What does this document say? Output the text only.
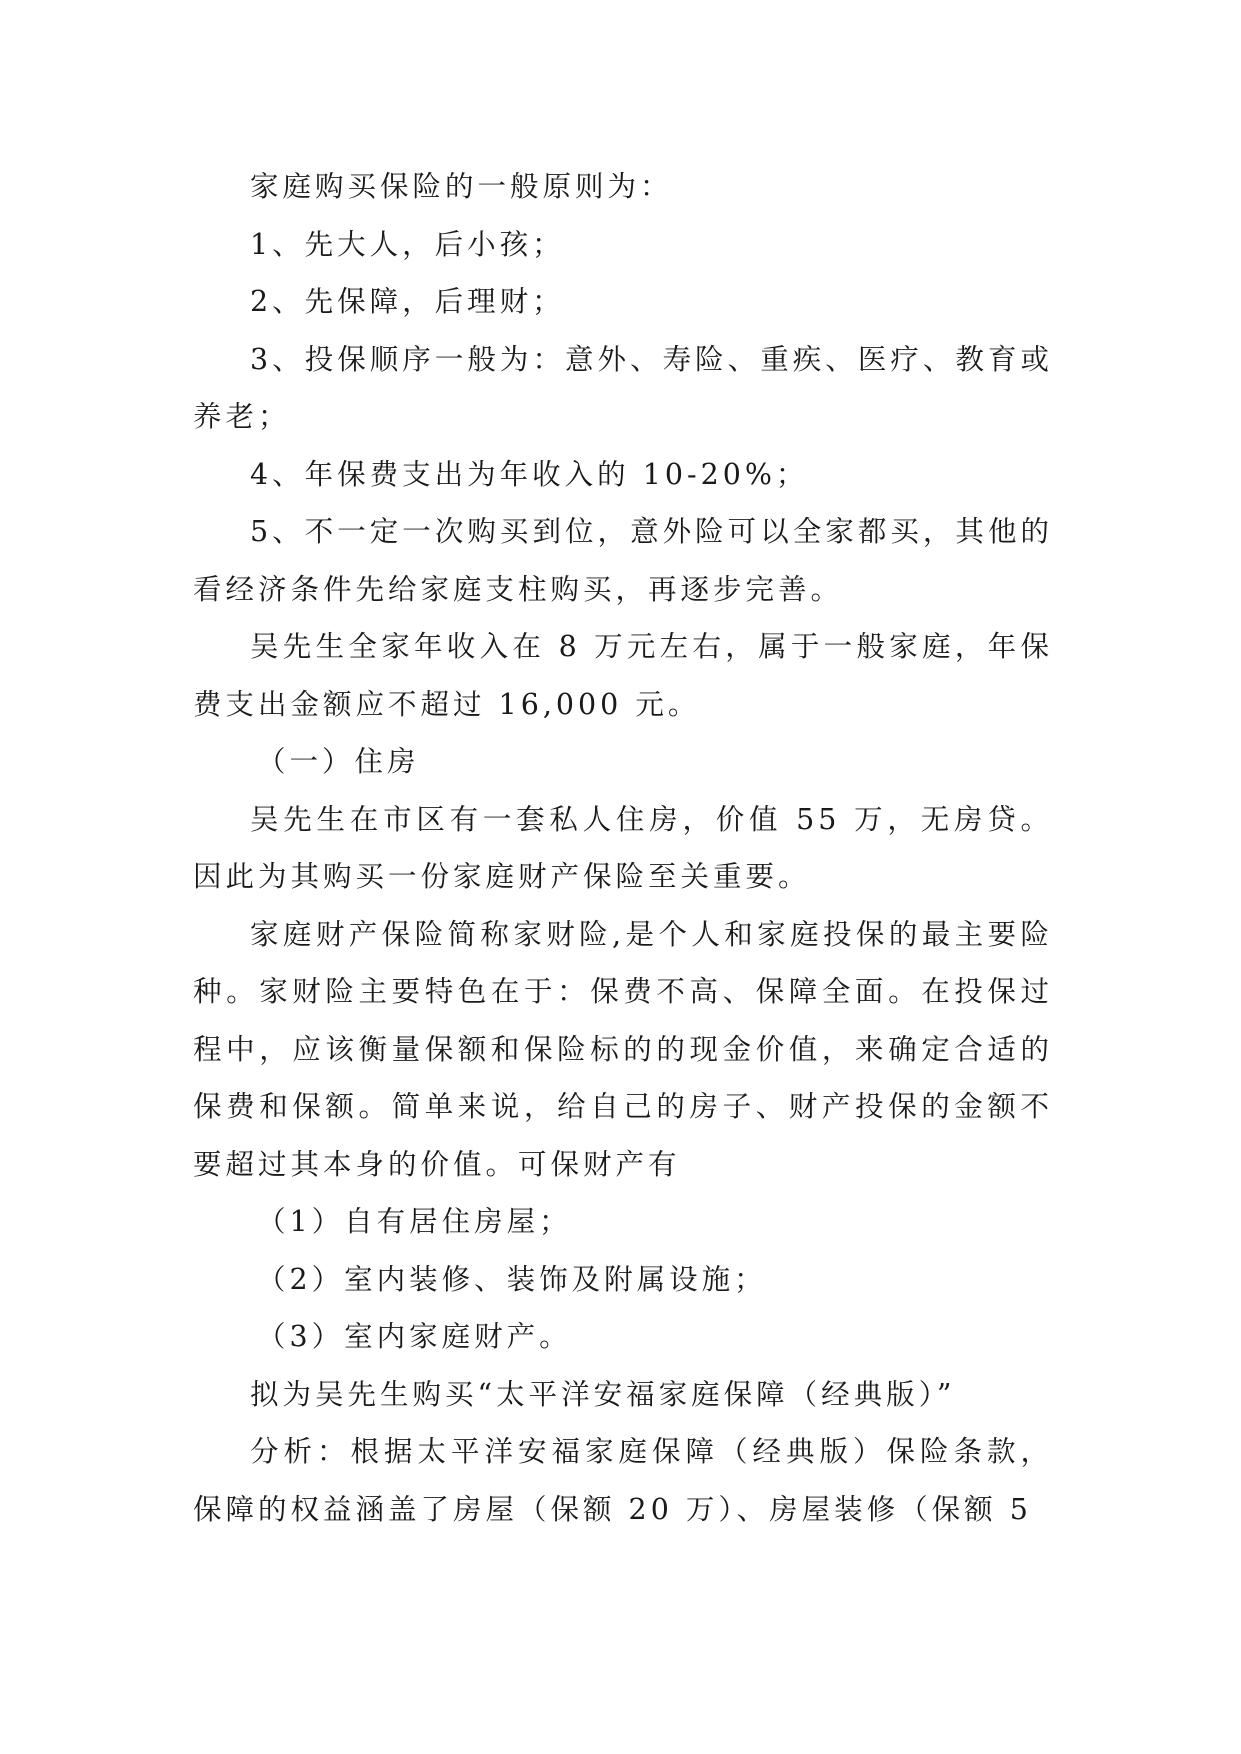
家庭购买保险的一般原则为：

1、先大人，后小孩；

2、先保障，后理财；

3、投保顺序一般为：意外、寿险、重疾、医疗、教育或养老；

4、年保费支出为年收入的 10-20%；

5、不一定一次购买到位，意外险可以全家都买，其他的看经济条件先给家庭支柱购买，再逐步完善。

吴先生全家年收入在 8 万元左右，属于一般家庭，年保费支出金额应不超过 16,000 元。

（一）住房

吴先生在市区有一套私人住房，价值 55 万，无房贷。因此为其购买一份家庭财产保险至关重要。

家庭财产保险简称家财险,是个人和家庭投保的最主要险种。家财险主要特色在于：保费不高、保障全面。在投保过程中，应该衡量保额和保险标的的现金价值，来确定合适的保费和保额。简单来说，给自己的房子、财产投保的金额不要超过其本身的价值。可保财产有

（1）自有居住房屋；

（2）室内装修、装饰及附属设施；

（3）室内家庭财产。

拟为吴先生购买“太平洋安福家庭保障（经典版）”

分析：根据太平洋安福家庭保障（经典版）保险条款，保障的权益涵盖了房屋（保额 20 万）、房屋装修（保额 5
